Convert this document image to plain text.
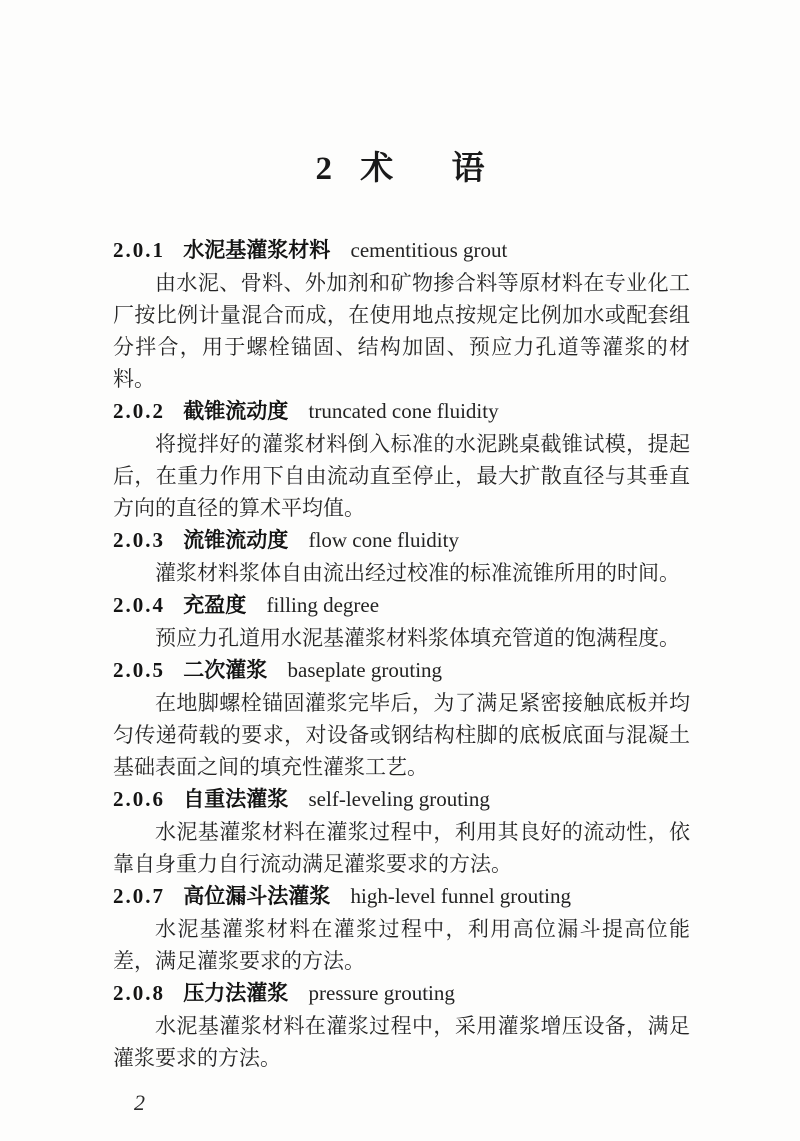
2 术 语

2.0.1 水泥基灌浆材料 cementitious grout

由水泥、骨料、外加剂和矿物掺合料等原材料在专业化工厂按比例计量混合而成，在使用地点按规定比例加水或配套组分拌合，用于螺栓锚固、结构加固、预应力孔道等灌浆的材料。

2.0.2 截锥流动度 truncated cone fluidity

将搅拌好的灌浆材料倒入标准的水泥跳桌截锥试模，提起后，在重力作用下自由流动直至停止，最大扩散直径与其垂直方向的直径的算术平均值。

2.0.3 流锥流动度 flow cone fluidity

灌浆材料浆体自由流出经过校准的标准流锥所用的时间。

2.0.4 充盈度 filling degree

预应力孔道用水泥基灌浆材料浆体填充管道的饱满程度。

2.0.5 二次灌浆 baseplate grouting

在地脚螺栓锚固灌浆完毕后，为了满足紧密接触底板并均匀传递荷载的要求，对设备或钢结构柱脚的底板底面与混凝土基础表面之间的填充性灌浆工艺。

2.0.6 自重法灌浆 self-leveling grouting

水泥基灌浆材料在灌浆过程中，利用其良好的流动性，依靠自身重力自行流动满足灌浆要求的方法。

2.0.7 高位漏斗法灌浆 high-level funnel grouting

水泥基灌浆材料在灌浆过程中，利用高位漏斗提高位能差，满足灌浆要求的方法。

2.0.8 压力法灌浆 pressure grouting

水泥基灌浆材料在灌浆过程中，采用灌浆增压设备，满足灌浆要求的方法。

2
